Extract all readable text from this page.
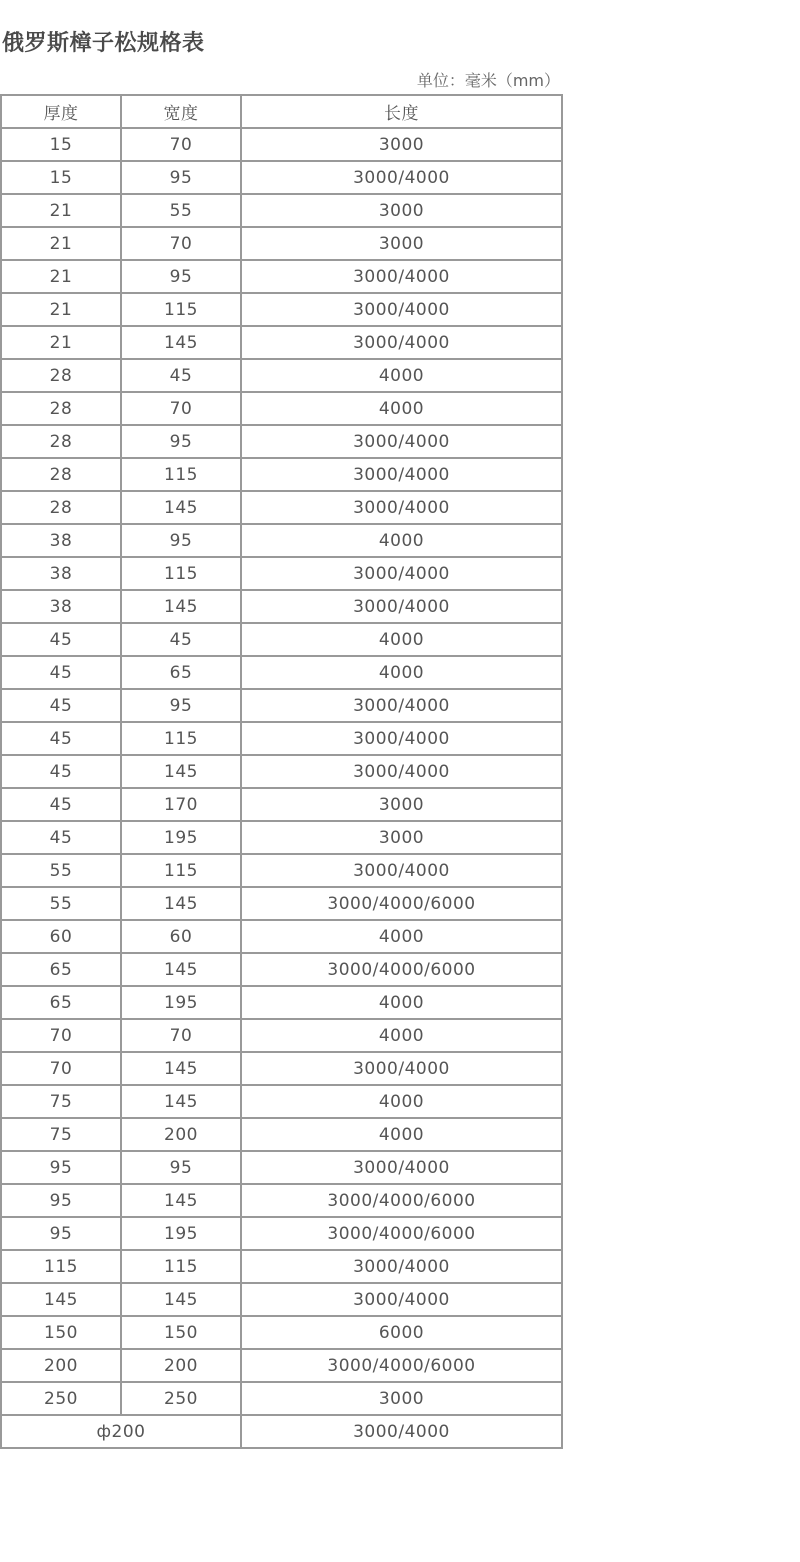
俄罗斯樟子松规格表
单位：毫米（mm）
厚度	宽度	长度
15	70	3000
15	95	3000/4000
21	55	3000
21	70	3000
21	95	3000/4000
21	115	3000/4000
21	145	3000/4000
28	45	4000
28	70	4000
28	95	3000/4000
28	115	3000/4000
28	145	3000/4000
38	95	4000
38	115	3000/4000
38	145	3000/4000
45	45	4000
45	65	4000
45	95	3000/4000
45	115	3000/4000
45	145	3000/4000
45	170	3000
45	195	3000
55	115	3000/4000
55	145	3000/4000/6000
60	60	4000
65	145	3000/4000/6000
65	195	4000
70	70	4000
70	145	3000/4000
75	145	4000
75	200	4000
95	95	3000/4000
95	145	3000/4000/6000
95	195	3000/4000/6000
115	115	3000/4000
145	145	3000/4000
150	150	6000
200	200	3000/4000/6000
250	250	3000
ф200		3000/4000
